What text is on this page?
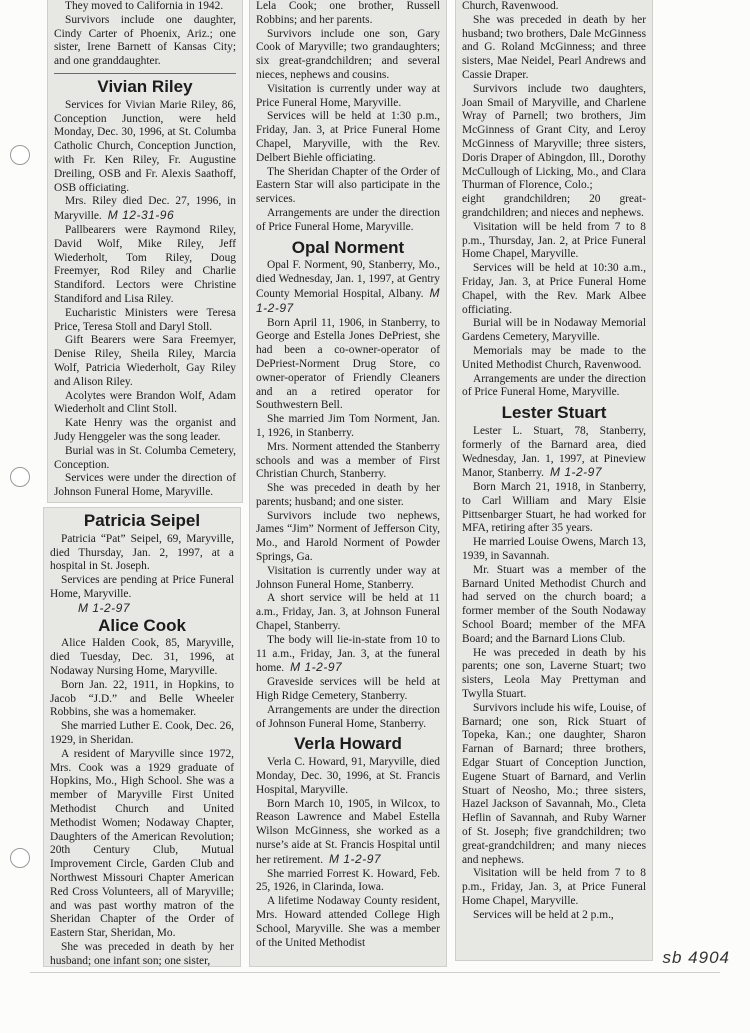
They moved to California in 1942.

Survivors include one daughter, Cindy Carter of Phoenix, Ariz.; one sister, Irene Barnett of Kansas City; and one granddaughter.

Vivian Riley

Services for Vivian Marie Riley, 86, Conception Junction, were held Monday, Dec. 30, 1996, at St. Columba Catholic Church, Conception Junction, with Fr. Ken Riley, Fr. Augustine Dreiling, OSB and Fr. Alexis Saathoff, OSB officiating.

Mrs. Riley died Dec. 27, 1996, in Maryville. M 12-31-96

Pallbearers were Raymond Riley, David Wolf, Mike Riley, Jeff Wiederholt, Tom Riley, Doug Freemyer, Rod Riley and Charlie Standiford. Lectors were Christine Standiford and Lisa Riley.

Eucharistic Ministers were Teresa Price, Teresa Stoll and Daryl Stoll.

Gift Bearers were Sara Freemyer, Denise Riley, Sheila Riley, Marcia Wolf, Patricia Wiederholt, Gay Riley and Alison Riley.

Acolytes were Brandon Wolf, Adam Wiederholt and Clint Stoll.

Kate Henry was the organist and Judy Henggeler was the song leader.

Burial was in St. Columba Cemetery, Conception.

Services were under the direction of Johnson Funeral Home, Maryville.

Patricia Seipel

Patricia “Pat” Seipel, 69, Maryville, died Thursday, Jan. 2, 1997, at a hospital in St. Joseph.

Services are pending at Price Funeral Home, Maryville.

M 1-2-97

Alice Cook

Alice Halden Cook, 85, Maryville, died Tuesday, Dec. 31, 1996, at Nodaway Nursing Home, Maryville.

Born Jan. 22, 1911, in Hopkins, to Jacob “J.D.” and Belle Wheeler Robbins, she was a homemaker.

She married Luther E. Cook, Dec. 26, 1929, in Sheridan.

A resident of Maryville since 1972, Mrs. Cook was a 1929 graduate of Hopkins, Mo., High School. She was a member of Maryville First United Methodist Church and United Methodist Women; Nodaway Chapter, Daughters of the American Revolution; 20th Century Club, Mutual Improvement Circle, Garden Club and Northwest Missouri Chapter American Red Cross Volunteers, all of Maryville; and was past worthy matron of the Sheridan Chapter of the Order of Eastern Star, Sheridan, Mo.

She was preceded in death by her husband; one infant son; one sister,

Lela Cook; one brother, Russell Robbins; and her parents.

Survivors include one son, Gary Cook of Maryville; two grandaughters; six great-grandchildren; and several nieces, nephews and cousins.

Visitation is currently under way at Price Funeral Home, Maryville.

Services will be held at 1:30 p.m., Friday, Jan. 3, at Price Funeral Home Chapel, Maryville, with the Rev. Delbert Biehle officiating.

The Sheridan Chapter of the Order of Eastern Star will also participate in the services.

Arrangements are under the direction of Price Funeral Home, Maryville.

Opal Norment

Opal F. Norment, 90, Stanberry, Mo., died Wednesday, Jan. 1, 1997, at Gentry County Memorial Hospital, Albany. M 1-2-97

Born April 11, 1906, in Stanberry, to George and Estella Jones DePriest, she had been a co-owner-operator of DePriest-Norment Drug Store, co owner-operator of Friendly Cleaners and an a retired operator for Southwestern Bell.

She married Jim Tom Norment, Jan. 1, 1926, in Stanberry.

Mrs. Norment attended the Stanberry schools and was a member of First Christian Church, Stanberry.

She was preceded in death by her parents; husband; and one sister.

Survivors include two nephews, James “Jim” Norment of Jefferson City, Mo., and Harold Norment of Powder Springs, Ga.

Visitation is currently under way at Johnson Funeral Home, Stanberry.

A short service will be held at 11 a.m., Friday, Jan. 3, at Johnson Funeral Chapel, Stanberry.

The body will lie-in-state from 10 to 11 a.m., Friday, Jan. 3, at the funeral home. M 1-2-97

Graveside services will be held at High Ridge Cemetery, Stanberry.

Arrangements are under the direction of Johnson Funeral Home, Stanberry.

Verla Howard

Verla C. Howard, 91, Maryville, died Monday, Dec. 30, 1996, at St. Francis Hospital, Maryville.

Born March 10, 1905, in Wilcox, to Reason Lawrence and Mabel Estella Wilson McGinness, she worked as a nurse’s aide at St. Francis Hospital until her retirement. M 1-2-97

She married Forrest K. Howard, Feb. 25, 1926, in Clarinda, Iowa.

A lifetime Nodaway County resident, Mrs. Howard attended College High School, Maryville. She was a member of the United Methodist

Church, Ravenwood.

She was preceded in death by her husband; two brothers, Dale McGinness and G. Roland McGinness; and three sisters, Mae Neidel, Pearl Andrews and Cassie Draper.

Survivors include two daughters, Joan Smail of Maryville, and Charlene Wray of Parnell; two brothers, Jim McGinness of Grant City, and Leroy McGinness of Maryville; three sisters, Doris Draper of Abingdon, Ill., Dorothy McCullough of Licking, Mo., and Clara Thurman of Florence, Colo.;

eight grandchildren; 20 great-grandchildren; and nieces and nephews.

Visitation will be held from 7 to 8 p.m., Thursday, Jan. 2, at Price Funeral Home Chapel, Maryville.

Services will be held at 10:30 a.m., Friday, Jan. 3, at Price Funeral Home Chapel, with the Rev. Mark Albee officiating.

Burial will be in Nodaway Memorial Gardens Cemetery, Maryville.

Memorials may be made to the United Methodist Church, Ravenwood.

Arrangements are under the direction of Price Funeral Home, Maryville.

Lester Stuart

Lester L. Stuart, 78, Stanberry, formerly of the Barnard area, died Wednesday, Jan. 1, 1997, at Pineview Manor, Stanberry. M 1-2-97

Born March 21, 1918, in Stanberry, to Carl William and Mary Elsie Pittsenbarger Stuart, he had worked for MFA, retiring after 35 years.

He married Louise Owens, March 13, 1939, in Savannah.

Mr. Stuart was a member of the Barnard United Methodist Church and had served on the church board; a former member of the South Nodaway School Board; member of the MFA Board; and the Barnard Lions Club.

He was preceded in death by his parents; one son, Laverne Stuart; two sisters, Leola May Prettyman and Twylla Stuart.

Survivors include his wife, Louise, of Barnard; one son, Rick Stuart of Topeka, Kan.; one daughter, Sharon Farnan of Barnard; three brothers, Edgar Stuart of Conception Junction, Eugene Stuart of Barnard, and Verlin Stuart of Neosho, Mo.; three sisters, Hazel Jackson of Savannah, Mo., Cleta Heflin of Savannah, and Ruby Warner of St. Joseph; five grandchildren; two great-grandchildren; and many nieces and nephews.

Visitation will be held from 7 to 8 p.m., Friday, Jan. 3, at Price Funeral Home Chapel, Maryville.

Services will be held at 2 p.m.,

sb 4904
